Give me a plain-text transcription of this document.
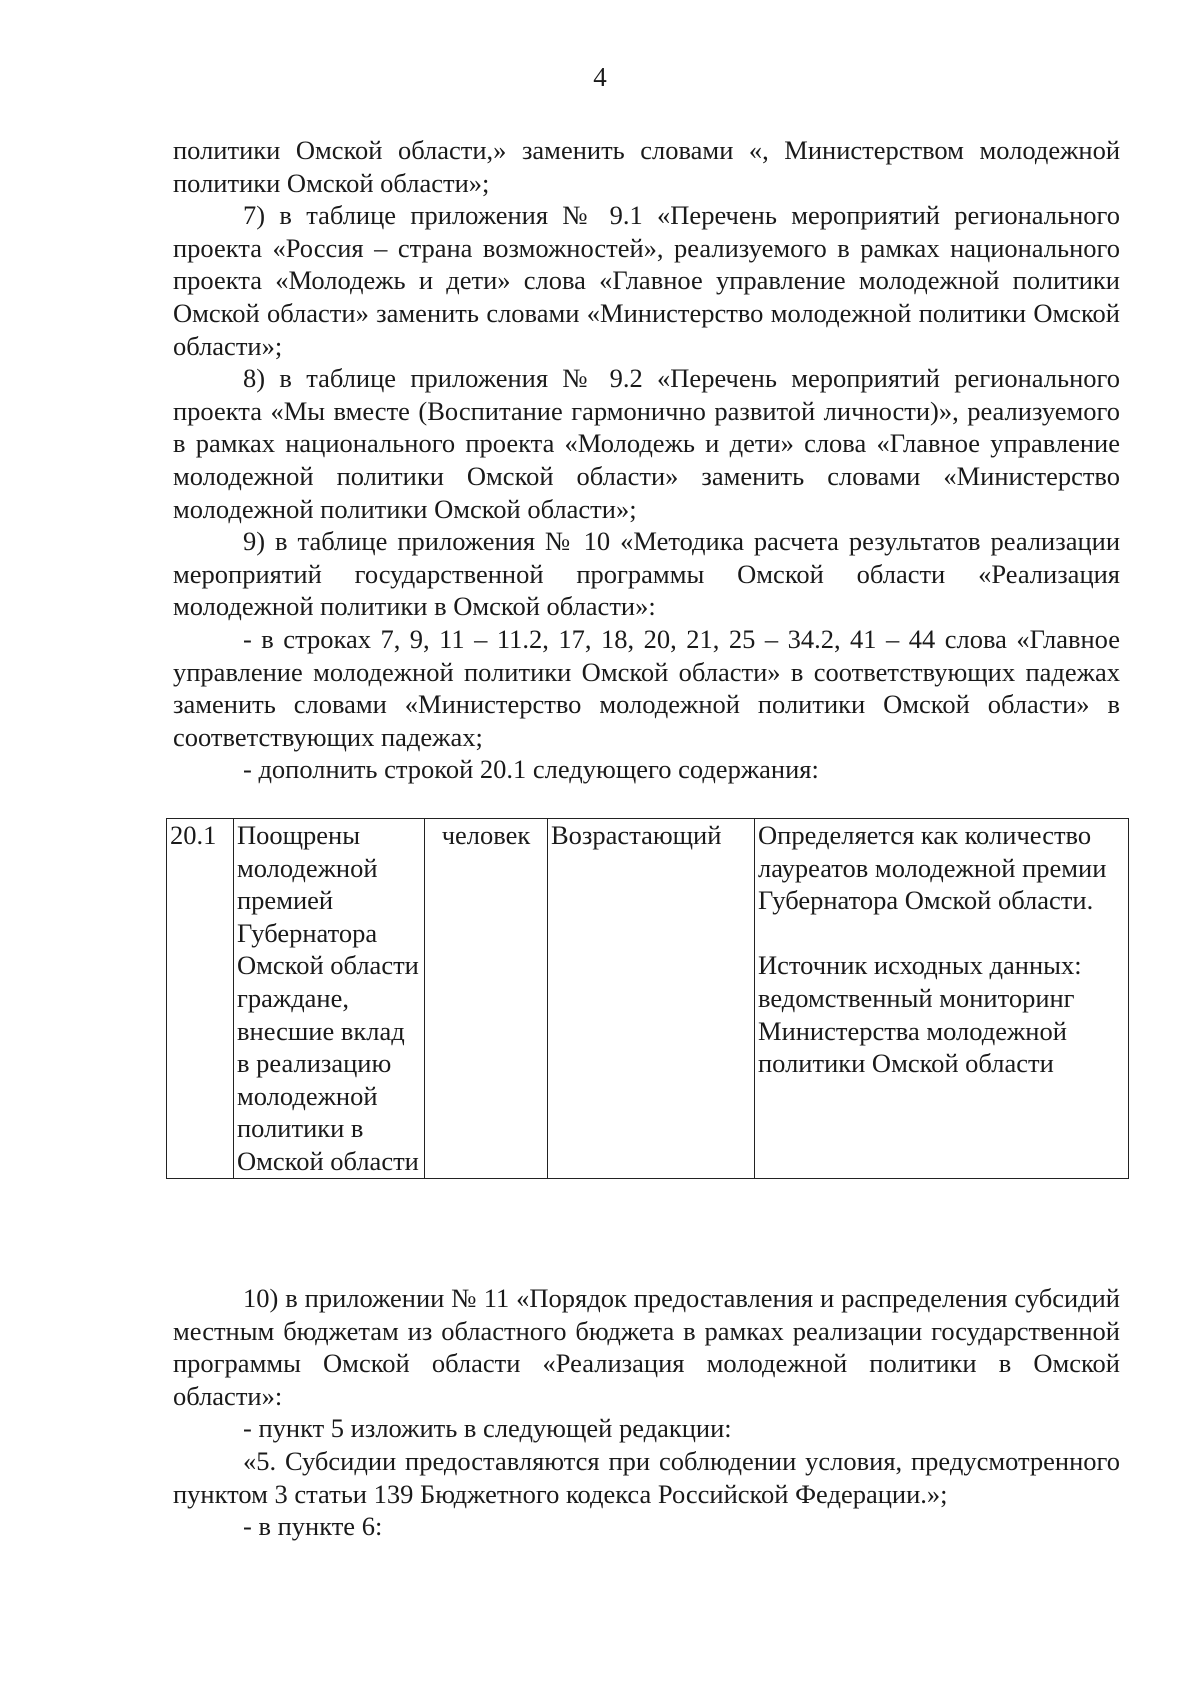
4

политики Омской области,» заменить словами «, Министерством молодежной политики Омской области»;

7) в таблице приложения № 9.1 «Перечень мероприятий регионального проекта «Россия – страна возможностей», реализуемого в рамках национального проекта «Молодежь и дети» слова «Главное управление молодежной политики Омской области» заменить словами «Министерство молодежной политики Омской области»;

8) в таблице приложения № 9.2 «Перечень мероприятий регионального проекта «Мы вместе (Воспитание гармонично развитой личности)», реализуемого в рамках национального проекта «Молодежь и дети» слова «Главное управление молодежной политики Омской области» заменить словами «Министерство молодежной политики Омской области»;

9) в таблице приложения № 10 «Методика расчета результатов реализации мероприятий государственной программы Омской области «Реализация молодежной политики в Омской области»:

- в строках 7, 9, 11 – 11.2, 17, 18, 20, 21, 25 – 34.2, 41 – 44 слова «Главное управление молодежной политики Омской области» в соответствующих падежах заменить словами «Министерство молодежной политики Омской области» в соответствующих падежах;

- дополнить строкой 20.1 следующего содержания:

20.1	Поощрены молодежной премией Губернатора Омской области граждане, внесшие вклад в реализацию молодежной политики в Омской области	человек	Возрастающий	Определяется как количество лауреатов молодежной премии Губернатора Омской области.
Источник исходных данных: ведомственный мониторинг Министерства молодежной политики Омской области

10) в приложении № 11 «Порядок предоставления и распределения субсидий местным бюджетам из областного бюджета в рамках реализации государственной программы Омской области «Реализация молодежной политики в Омской области»:

- пункт 5 изложить в следующей редакции:

«5. Субсидии предоставляются при соблюдении условия, предусмотренного пунктом 3 статьи 139 Бюджетного кодекса Российской Федерации.»;

- в пункте 6:
